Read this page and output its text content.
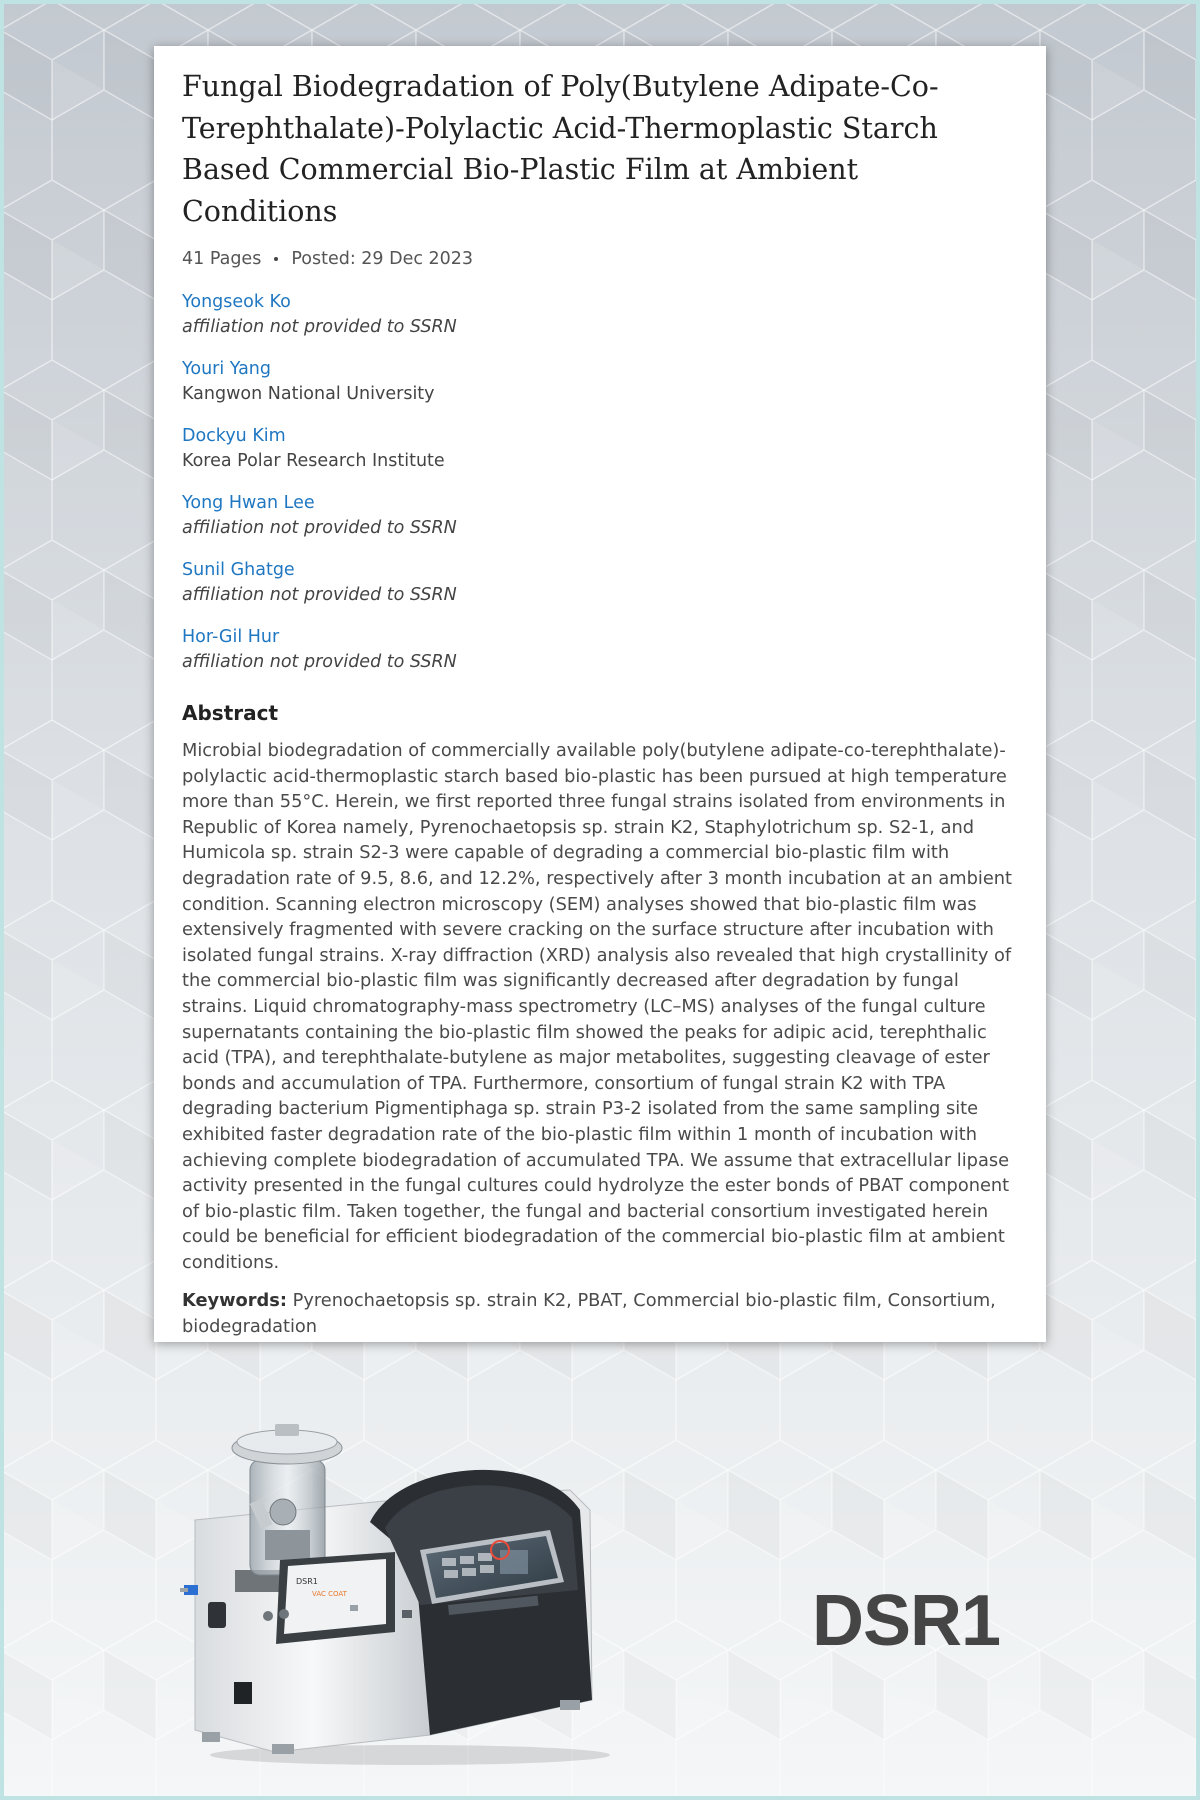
Fungal Biodegradation of Poly(Butylene Adipate-Co-Terephthalate)-Polylactic Acid-Thermoplastic Starch Based Commercial Bio-Plastic Film at Ambient Conditions
41 Pages Posted: 29 Dec 2023
Yongseok Ko
affiliation not provided to SSRN
Youri Yang
Kangwon National University
Dockyu Kim
Korea Polar Research Institute
Yong Hwan Lee
affiliation not provided to SSRN
Sunil Ghatge
affiliation not provided to SSRN
Hor-Gil Hur
affiliation not provided to SSRN
Abstract

Microbial biodegradation of commercially available poly(butylene adipate-co-terephthalate)-polylactic acid-thermoplastic starch based bio-plastic has been pursued at high temperature more than 55°C. Herein, we first reported three fungal strains isolated from environments in Republic of Korea namely, Pyrenochaetopsis sp. strain K2, Staphylotrichum sp. S2-1, and Humicola sp. strain S2-3 were capable of degrading a commercial bio-plastic film with degradation rate of 9.5, 8.6, and 12.2%, respectively after 3 month incubation at an ambient condition. Scanning electron microscopy (SEM) analyses showed that bio-plastic film was extensively fragmented with severe cracking on the surface structure after incubation with isolated fungal strains. X-ray diffraction (XRD) analysis also revealed that high crystallinity of the commercial bio-plastic film was significantly decreased after degradation by fungal strains. Liquid chromatography-mass spectrometry (LC–MS) analyses of the fungal culture supernatants containing the bio-plastic film showed the peaks for adipic acid, terephthalic acid (TPA), and terephthalate-butylene as major metabolites, suggesting cleavage of ester bonds and accumulation of TPA. Furthermore, consortium of fungal strain K2 with TPA degrading bacterium Pigmentiphaga sp. strain P3-2 isolated from the same sampling site exhibited faster degradation rate of the bio-plastic film within 1 month of incubation with achieving complete biodegradation of accumulated TPA. We assume that extracellular lipase activity presented in the fungal cultures could hydrolyze the ester bonds of PBAT component of bio-plastic film. Taken together, the fungal and bacterial consortium investigated herein could be beneficial for efficient biodegradation of the commercial bio-plastic film at ambient conditions.

Keywords: Pyrenochaetopsis sp. strain K2, PBAT, Commercial bio-plastic film, Consortium, biodegradation
DSR1
VAC COAT	DSR1
